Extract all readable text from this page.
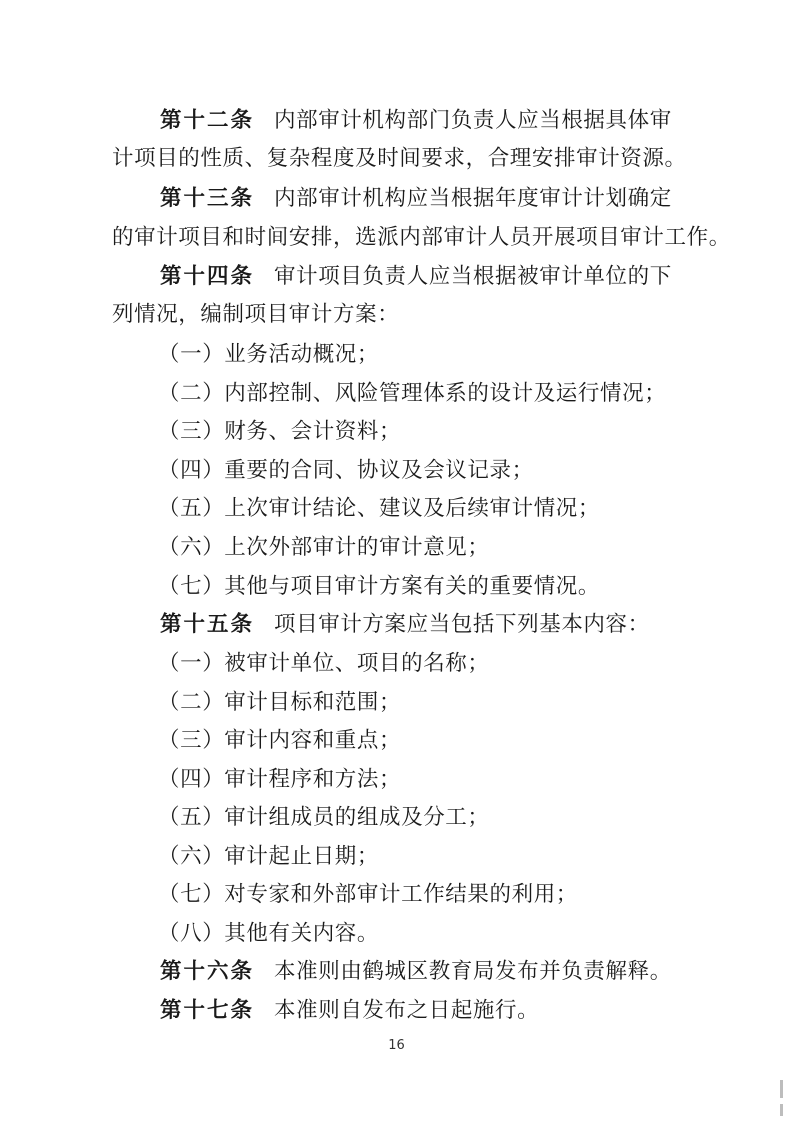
第十二条 内部审计机构部门负责人应当根据具体审
计项目的性质、复杂程度及时间要求，合理安排审计资源。
第十三条 内部审计机构应当根据年度审计计划确定
的审计项目和时间安排，选派内部审计人员开展项目审计工作。
第十四条 审计项目负责人应当根据被审计单位的下
列情况，编制项目审计方案：
（一）业务活动概况；
（二）内部控制、风险管理体系的设计及运行情况；
（三）财务、会计资料；
（四）重要的合同、协议及会议记录；
（五）上次审计结论、建议及后续审计情况；
（六）上次外部审计的审计意见；
（七）其他与项目审计方案有关的重要情况。
第十五条 项目审计方案应当包括下列基本内容：
（一）被审计单位、项目的名称；
（二）审计目标和范围；
（三）审计内容和重点；
（四）审计程序和方法；
（五）审计组成员的组成及分工；
（六）审计起止日期；
（七）对专家和外部审计工作结果的利用；
（八）其他有关内容。
第十六条 本准则由鹤城区教育局发布并负责解释。
第十七条 本准则自发布之日起施行。
16
